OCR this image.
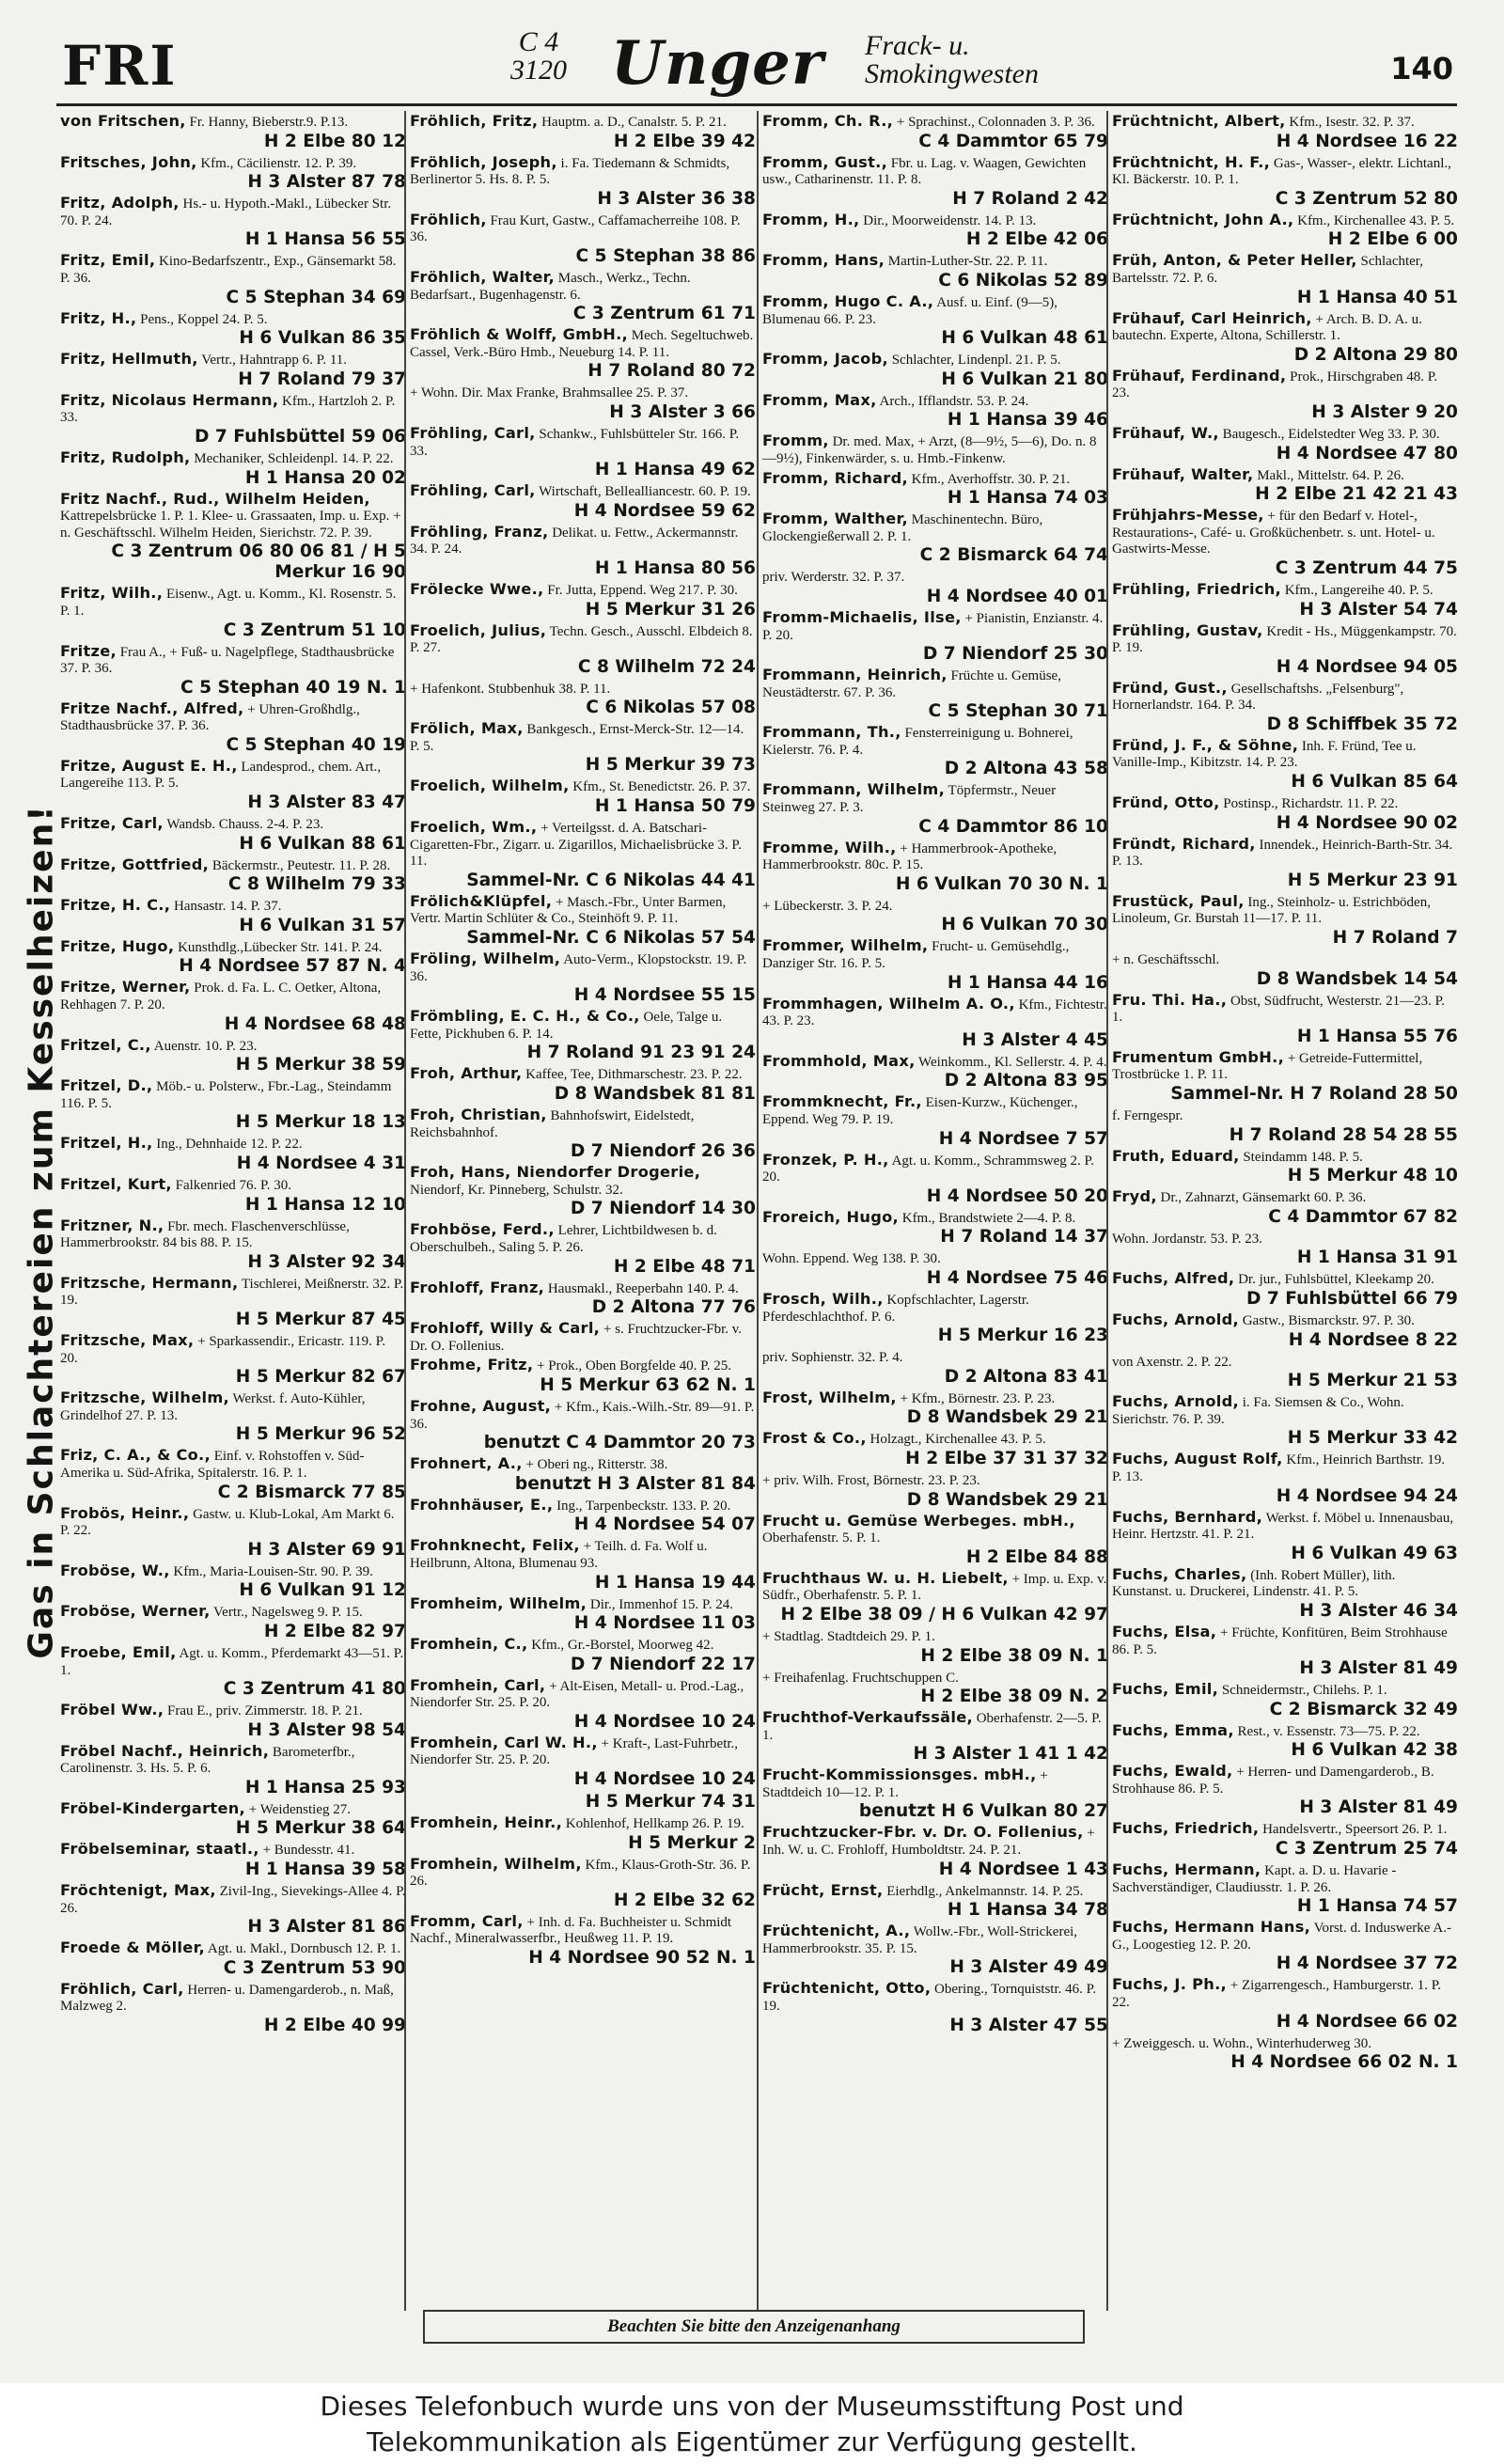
FRI	C 4
3120 Unger Frack- u.
Smokingwesten	140
Gas in Schlachtereien zum Kesselheizen!
von Fritschen, Fr. Hanny, Bieberstr.9. P.13.
H 2 Elbe 80 12
Fritsches, John, Kfm., Cäcilienstr. 12. P. 39.
H 3 Alster 87 78
Fritz, Adolph, Hs.- u. Hypoth.-Makl., Lübecker Str. 70. P. 24.
H 1 Hansa 56 55
Fritz, Emil, Kino-Bedarfszentr., Exp., Gänsemarkt 58. P. 36.
C 5 Stephan 34 69
Fritz, H., Pens., Koppel 24. P. 5.
H 6 Vulkan 86 35
Fritz, Hellmuth, Vertr., Hahntrapp 6. P. 11.
H 7 Roland 79 37
Fritz, Nicolaus Hermann, Kfm., Hartzloh 2. P. 33.
D 7 Fuhlsbüttel 59 06
Fritz, Rudolph, Mechaniker, Schleidenpl. 14. P. 22.
H 1 Hansa 20 02
Fritz Nachf., Rud., Wilhelm Heiden, Kattrepelsbrücke 1. P. 1. Klee- u. Grassaaten, Imp. u. Exp. + n. Geschäftsschl. Wilhelm Heiden, Sierichstr. 72. P. 39.
C 3 Zentrum 06 80 06 81 / H 5 Merkur 16 90
Fritz, Wilh., Eisenw., Agt. u. Komm., Kl. Rosenstr. 5. P. 1.
C 3 Zentrum 51 10
Fritze, Frau A., + Fuß- u. Nagelpflege, Stadthausbrücke 37. P. 36.
C 5 Stephan 40 19 N. 1
Fritze Nachf., Alfred, + Uhren-Großhdlg., Stadthausbrücke 37. P. 36.
C 5 Stephan 40 19
Fritze, August E. H., Landesprod., chem. Art., Langereihe 113. P. 5.
H 3 Alster 83 47
Fritze, Carl, Wandsb. Chauss. 2-4. P. 23.
H 6 Vulkan 88 61
Fritze, Gottfried, Bäckermstr., Peutestr. 11. P. 28.
C 8 Wilhelm 79 33
Fritze, H. C., Hansastr. 14. P. 37.
H 6 Vulkan 31 57
Fritze, Hugo, Kunsthdlg.,Lübecker Str. 141. P. 24.
H 4 Nordsee 57 87 N. 4
Fritze, Werner, Prok. d. Fa. L. C. Oetker, Altona, Rehhagen 7. P. 20.
H 4 Nordsee 68 48
Fritzel, C., Auenstr. 10. P. 23.
H 5 Merkur 38 59
Fritzel, D., Möb.- u. Polsterw., Fbr.-Lag., Steindamm 116. P. 5.
H 5 Merkur 18 13
Fritzel, H., Ing., Dehnhaide 12. P. 22.
H 4 Nordsee 4 31
Fritzel, Kurt, Falkenried 76. P. 30.
H 1 Hansa 12 10
Fritzner, N., Fbr. mech. Flaschenverschlüsse, Hammerbrookstr. 84 bis 88. P. 15.
H 3 Alster 92 34
Fritzsche, Hermann, Tischlerei, Meißnerstr. 32. P. 19.
H 5 Merkur 87 45
Fritzsche, Max, + Sparkassendir., Ericastr. 119. P. 20.
H 5 Merkur 82 67
Fritzsche, Wilhelm, Werkst. f. Auto-Kühler, Grindelhof 27. P. 13.
H 5 Merkur 96 52
Friz, C. A., & Co., Einf. v. Rohstoffen v. Süd-Amerika u. Süd-Afrika, Spitalerstr. 16. P. 1.
C 2 Bismarck 77 85
Frobös, Heinr., Gastw. u. Klub-Lokal, Am Markt 6. P. 22.
H 3 Alster 69 91
Froböse, W., Kfm., Maria-Louisen-Str. 90. P. 39.
H 6 Vulkan 91 12
Froböse, Werner, Vertr., Nagelsweg 9. P. 15.
H 2 Elbe 82 97
Froebe, Emil, Agt. u. Komm., Pferdemarkt 43—51. P. 1.
C 3 Zentrum 41 80
Fröbel Ww., Frau E., priv. Zimmerstr. 18. P. 21.
H 3 Alster 98 54
Fröbel Nachf., Heinrich, Barometerfbr., Carolinenstr. 3. Hs. 5. P. 6.
H 1 Hansa 25 93
Fröbel-Kindergarten, + Weidenstieg 27.
H 5 Merkur 38 64
Fröbelseminar, staatl., + Bundesstr. 41.
H 1 Hansa 39 58
Fröchtenigt, Max, Zivil-Ing., Sievekings-Allee 4. P. 26.
H 3 Alster 81 86
Froede & Möller, Agt. u. Makl., Dornbusch 12. P. 1.
C 3 Zentrum 53 90
Fröhlich, Carl, Herren- u. Damengarderob., n. Maß, Malzweg 2.
H 2 Elbe 40 99
Fröhlich, Fritz, Hauptm. a. D., Canalstr. 5. P. 21.
H 2 Elbe 39 42
Fröhlich, Joseph, i. Fa. Tiedemann & Schmidts, Berlinertor 5. Hs. 8. P. 5.
H 3 Alster 36 38
Fröhlich, Frau Kurt, Gastw., Caffamacherreihe 108. P. 36.
C 5 Stephan 38 86
Fröhlich, Walter, Masch., Werkz., Techn. Bedarfsart., Bugenhagenstr. 6.
C 3 Zentrum 61 71
Fröhlich & Wolff, GmbH., Mech. Segeltuchweb. Cassel, Verk.-Büro Hmb., Neueburg 14. P. 11.
H 7 Roland 80 72
+ Wohn. Dir. Max Franke, Brahmsallee 25. P. 37.
H 3 Alster 3 66
Fröhling, Carl, Schankw., Fuhlsbütteler Str. 166. P. 33.
H 1 Hansa 49 62
Fröhling, Carl, Wirtschaft, Bellealliancestr. 60. P. 19.
H 4 Nordsee 59 62
Fröhling, Franz, Delikat. u. Fettw., Ackermannstr. 34. P. 24.
H 1 Hansa 80 56
Frölecke Wwe., Fr. Jutta, Eppend. Weg 217. P. 30.
H 5 Merkur 31 26
Froelich, Julius, Techn. Gesch., Ausschl. Elbdeich 8. P. 27.
C 8 Wilhelm 72 24
+ Hafenkont. Stubbenhuk 38. P. 11.
C 6 Nikolas 57 08
Frölich, Max, Bankgesch., Ernst-Merck-Str. 12—14. P. 5.
H 5 Merkur 39 73
Froelich, Wilhelm, Kfm., St. Benedictstr. 26. P. 37.
H 1 Hansa 50 79
Froelich, Wm., + Verteilgsst. d. A. Batschari-Cigaretten-Fbr., Zigarr. u. Zigarillos, Michaelisbrücke 3. P. 11.
Sammel-Nr. C 6 Nikolas 44 41
Frölich&Klüpfel, + Masch.-Fbr., Unter Barmen, Vertr. Martin Schlüter & Co., Steinhöft 9. P. 11.
Sammel-Nr. C 6 Nikolas 57 54
Fröling, Wilhelm, Auto-Verm., Klopstockstr. 19. P. 36.
H 4 Nordsee 55 15
Frömbling, E. C. H., & Co., Oele, Talge u. Fette, Pickhuben 6. P. 14.
H 7 Roland 91 23 91 24
Froh, Arthur, Kaffee, Tee, Dithmarschestr. 23. P. 22.
D 8 Wandsbek 81 81
Froh, Christian, Bahnhofswirt, Eidelstedt, Reichsbahnhof.
D 7 Niendorf 26 36
Froh, Hans, Niendorfer Drogerie, Niendorf, Kr. Pinneberg, Schulstr. 32.
D 7 Niendorf 14 30
Frohböse, Ferd., Lehrer, Lichtbildwesen b. d. Oberschulbeh., Saling 5. P. 26.
H 2 Elbe 48 71
Frohloff, Franz, Hausmakl., Reeperbahn 140. P. 4.
D 2 Altona 77 76
Frohloff, Willy & Carl, + s. Fruchtzucker-Fbr. v. Dr. O. Follenius.
Frohme, Fritz, + Prok., Oben Borgfelde 40. P. 25.
H 5 Merkur 63 62 N. 1
Frohne, August, + Kfm., Kais.-Wilh.-Str. 89—91. P. 36.
benutzt C 4 Dammtor 20 73
Frohnert, A., + Oberi ng., Ritterstr. 38.
benutzt H 3 Alster 81 84
Frohnhäuser, E., Ing., Tarpenbeckstr. 133. P. 20.
H 4 Nordsee 54 07
Frohnknecht, Felix, + Teilh. d. Fa. Wolf u. Heilbrunn, Altona, Blumenau 93.
H 1 Hansa 19 44
Fromheim, Wilhelm, Dir., Immenhof 15. P. 24.
H 4 Nordsee 11 03
Fromhein, C., Kfm., Gr.-Borstel, Moorweg 42.
D 7 Niendorf 22 17
Fromhein, Carl, + Alt-Eisen, Metall- u. Prod.-Lag., Niendorfer Str. 25. P. 20.
H 4 Nordsee 10 24
Fromhein, Carl W. H., + Kraft-, Last-Fuhrbetr., Niendorfer Str. 25. P. 20.
H 4 Nordsee 10 24
H 5 Merkur 74 31
Fromhein, Heinr., Kohlenhof, Hellkamp 26. P. 19.
H 5 Merkur 2
Fromhein, Wilhelm, Kfm., Klaus-Groth-Str. 36. P. 26.
H 2 Elbe 32 62
Fromm, Carl, + Inh. d. Fa. Buchheister u. Schmidt Nachf., Mineralwasserfbr., Heußweg 11. P. 19.
H 4 Nordsee 90 52 N. 1
Fromm, Ch. R., + Sprachinst., Colonnaden 3. P. 36.
C 4 Dammtor 65 79
Fromm, Gust., Fbr. u. Lag. v. Waagen, Gewichten usw., Catharinenstr. 11. P. 8.
H 7 Roland 2 42
Fromm, H., Dir., Moorweidenstr. 14. P. 13.
H 2 Elbe 42 06
Fromm, Hans, Martin-Luther-Str. 22. P. 11.
C 6 Nikolas 52 89
Fromm, Hugo C. A., Ausf. u. Einf. (9—5), Blumenau 66. P. 23.
H 6 Vulkan 48 61
Fromm, Jacob, Schlachter, Lindenpl. 21. P. 5.
H 6 Vulkan 21 80
Fromm, Max, Arch., Ifflandstr. 53. P. 24.
H 1 Hansa 39 46
Fromm, Dr. med. Max, + Arzt, (8—9½, 5—6), Do. n. 8—9½), Finkenwärder, s. u. Hmb.-Finkenw.
Fromm, Richard, Kfm., Averhoffstr. 30. P. 21.
H 1 Hansa 74 03
Fromm, Walther, Maschinentechn. Büro, Glockengießerwall 2. P. 1.
C 2 Bismarck 64 74
priv. Werderstr. 32. P. 37.
H 4 Nordsee 40 01
Fromm-Michaelis, Ilse, + Pianistin, Enzianstr. 4. P. 20.
D 7 Niendorf 25 30
Frommann, Heinrich, Früchte u. Gemüse, Neustädterstr. 67. P. 36.
C 5 Stephan 30 71
Frommann, Th., Fensterreinigung u. Bohnerei, Kielerstr. 76. P. 4.
D 2 Altona 43 58
Frommann, Wilhelm, Töpfermstr., Neuer Steinweg 27. P. 3.
C 4 Dammtor 86 10
Fromme, Wilh., + Hammerbrook-Apotheke, Hammerbrookstr. 80c. P. 15.
H 6 Vulkan 70 30 N. 1
+ Lübeckerstr. 3. P. 24.
H 6 Vulkan 70 30
Frommer, Wilhelm, Frucht- u. Gemüsehdlg., Danziger Str. 16. P. 5.
H 1 Hansa 44 16
Frommhagen, Wilhelm A. O., Kfm., Fichtestr. 43. P. 23.
H 3 Alster 4 45
Frommhold, Max, Weinkomm., Kl. Sellerstr. 4. P. 4.
D 2 Altona 83 95
Frommknecht, Fr., Eisen-Kurzw., Küchenger., Eppend. Weg 79. P. 19.
H 4 Nordsee 7 57
Fronzek, P. H., Agt. u. Komm., Schrammsweg 2. P. 20.
H 4 Nordsee 50 20
Froreich, Hugo, Kfm., Brandstwiete 2—4. P. 8.
H 7 Roland 14 37
Wohn. Eppend. Weg 138. P. 30.
H 4 Nordsee 75 46
Frosch, Wilh., Kopfschlachter, Lagerstr. Pferdeschlachthof. P. 6.
H 5 Merkur 16 23
priv. Sophienstr. 32. P. 4.
D 2 Altona 83 41
Frost, Wilhelm, + Kfm., Börnestr. 23. P. 23.
D 8 Wandsbek 29 21
Frost & Co., Holzagt., Kirchenallee 43. P. 5.
H 2 Elbe 37 31 37 32
+ priv. Wilh. Frost, Börnestr. 23. P. 23.
D 8 Wandsbek 29 21
Frucht u. Gemüse Werbeges. mbH., Oberhafenstr. 5. P. 1.
H 2 Elbe 84 88
Fruchthaus W. u. H. Liebelt, + Imp. u. Exp. v. Südfr., Oberhafenstr. 5. P. 1.
H 2 Elbe 38 09 / H 6 Vulkan 42 97
+ Stadtlag. Stadtdeich 29. P. 1.
H 2 Elbe 38 09 N. 1
+ Freihafenlag. Fruchtschuppen C.
H 2 Elbe 38 09 N. 2
Fruchthof-Verkaufssäle, Oberhafenstr. 2—5. P. 1.
H 3 Alster 1 41 1 42
Frucht-Kommissionsges. mbH., + Stadtdeich 10—12. P. 1.
benutzt H 6 Vulkan 80 27
Fruchtzucker-Fbr. v. Dr. O. Follenius, + Inh. W. u. C. Frohloff, Humboldtstr. 24. P. 21.
H 4 Nordsee 1 43
Frücht, Ernst, Eierhdlg., Ankelmannstr. 14. P. 25.
H 1 Hansa 34 78
Früchtenicht, A., Wollw.-Fbr., Woll-Strickerei, Hammerbrookstr. 35. P. 15.
H 3 Alster 49 49
Früchtenicht, Otto, Obering., Tornquiststr. 46. P. 19.
H 3 Alster 47 55
Früchtnicht, Albert, Kfm., Isestr. 32. P. 37.
H 4 Nordsee 16 22
Früchtnicht, H. F., Gas-, Wasser-, elektr. Lichtanl., Kl. Bäckerstr. 10. P. 1.
C 3 Zentrum 52 80
Früchtnicht, John A., Kfm., Kirchenallee 43. P. 5.
H 2 Elbe 6 00
Früh, Anton, & Peter Heller, Schlachter, Bartelsstr. 72. P. 6.
H 1 Hansa 40 51
Frühauf, Carl Heinrich, + Arch. B. D. A. u. bautechn. Experte, Altona, Schillerstr. 1.
D 2 Altona 29 80
Frühauf, Ferdinand, Prok., Hirschgraben 48. P. 23.
H 3 Alster 9 20
Frühauf, W., Baugesch., Eidelstedter Weg 33. P. 30.
H 4 Nordsee 47 80
Frühauf, Walter, Makl., Mittelstr. 64. P. 26.
H 2 Elbe 21 42 21 43
Frühjahrs-Messe, + für den Bedarf v. Hotel-, Restaurations-, Café- u. Großküchenbetr. s. unt. Hotel- u. Gastwirts-Messe.
C 3 Zentrum 44 75
Frühling, Friedrich, Kfm., Langereihe 40. P. 5.
H 3 Alster 54 74
Frühling, Gustav, Kredit - Hs., Müggenkampstr. 70. P. 19.
H 4 Nordsee 94 05
Fründ, Gust., Gesellschaftshs. „Felsenburg", Hornerlandstr. 164. P. 34.
D 8 Schiffbek 35 72
Fründ, J. F., & Söhne, Inh. F. Fründ, Tee u. Vanille-Imp., Kibitzstr. 14. P. 23.
H 6 Vulkan 85 64
Fründ, Otto, Postinsp., Richardstr. 11. P. 22.
H 4 Nordsee 90 02
Fründt, Richard, Innendek., Heinrich-Barth-Str. 34. P. 13.
H 5 Merkur 23 91
Frustück, Paul, Ing., Steinholz- u. Estrichböden, Linoleum, Gr. Burstah 11—17. P. 11.
H 7 Roland 7
+ n. Geschäftsschl.
D 8 Wandsbek 14 54
Fru. Thi. Ha., Obst, Südfrucht, Westerstr. 21—23. P. 1.
H 1 Hansa 55 76
Frumentum GmbH., + Getreide-Futtermittel, Trostbrücke 1. P. 11.
Sammel-Nr. H 7 Roland 28 50
f. Ferngespr.
H 7 Roland 28 54 28 55
Fruth, Eduard, Steindamm 148. P. 5.
H 5 Merkur 48 10
Fryd, Dr., Zahnarzt, Gänsemarkt 60. P. 36.
C 4 Dammtor 67 82
Wohn. Jordanstr. 53. P. 23.
H 1 Hansa 31 91
Fuchs, Alfred, Dr. jur., Fuhlsbüttel, Kleekamp 20.
D 7 Fuhlsbüttel 66 79
Fuchs, Arnold, Gastw., Bismarckstr. 97. P. 30.
H 4 Nordsee 8 22
von Axenstr. 2. P. 22.
H 5 Merkur 21 53
Fuchs, Arnold, i. Fa. Siemsen & Co., Wohn. Sierichstr. 76. P. 39.
H 5 Merkur 33 42
Fuchs, August Rolf, Kfm., Heinrich Barthstr. 19. P. 13.
H 4 Nordsee 94 24
Fuchs, Bernhard, Werkst. f. Möbel u. Innenausbau, Heinr. Hertzstr. 41. P. 21.
H 6 Vulkan 49 63
Fuchs, Charles, (Inh. Robert Müller), lith. Kunstanst. u. Druckerei, Lindenstr. 41. P. 5.
H 3 Alster 46 34
Fuchs, Elsa, + Früchte, Konfitüren, Beim Strohhause 86. P. 5.
H 3 Alster 81 49
Fuchs, Emil, Schneidermstr., Chilehs. P. 1.
C 2 Bismarck 32 49
Fuchs, Emma, Rest., v. Essenstr. 73—75. P. 22.
H 6 Vulkan 42 38
Fuchs, Ewald, + Herren- und Damengarderob., B. Strohhause 86. P. 5.
H 3 Alster 81 49
Fuchs, Friedrich, Handelsvertr., Speersort 26. P. 1.
C 3 Zentrum 25 74
Fuchs, Hermann, Kapt. a. D. u. Havarie - Sachverständiger, Claudiusstr. 1. P. 26.
H 1 Hansa 74 57
Fuchs, Hermann Hans, Vorst. d. Induswerke A.-G., Loogestieg 12. P. 20.
H 4 Nordsee 37 72
Fuchs, J. Ph., + Zigarrengesch., Hamburgerstr. 1. P. 22.
H 4 Nordsee 66 02
+ Zweiggesch. u. Wohn., Winterhuderweg 30.
H 4 Nordsee 66 02 N. 1
Beachten Sie bitte den Anzeigenanhang
Dieses Telefonbuch wurde uns von der Museumsstiftung Post und
Telekommunikation als Eigentümer zur Verfügung gestellt.
